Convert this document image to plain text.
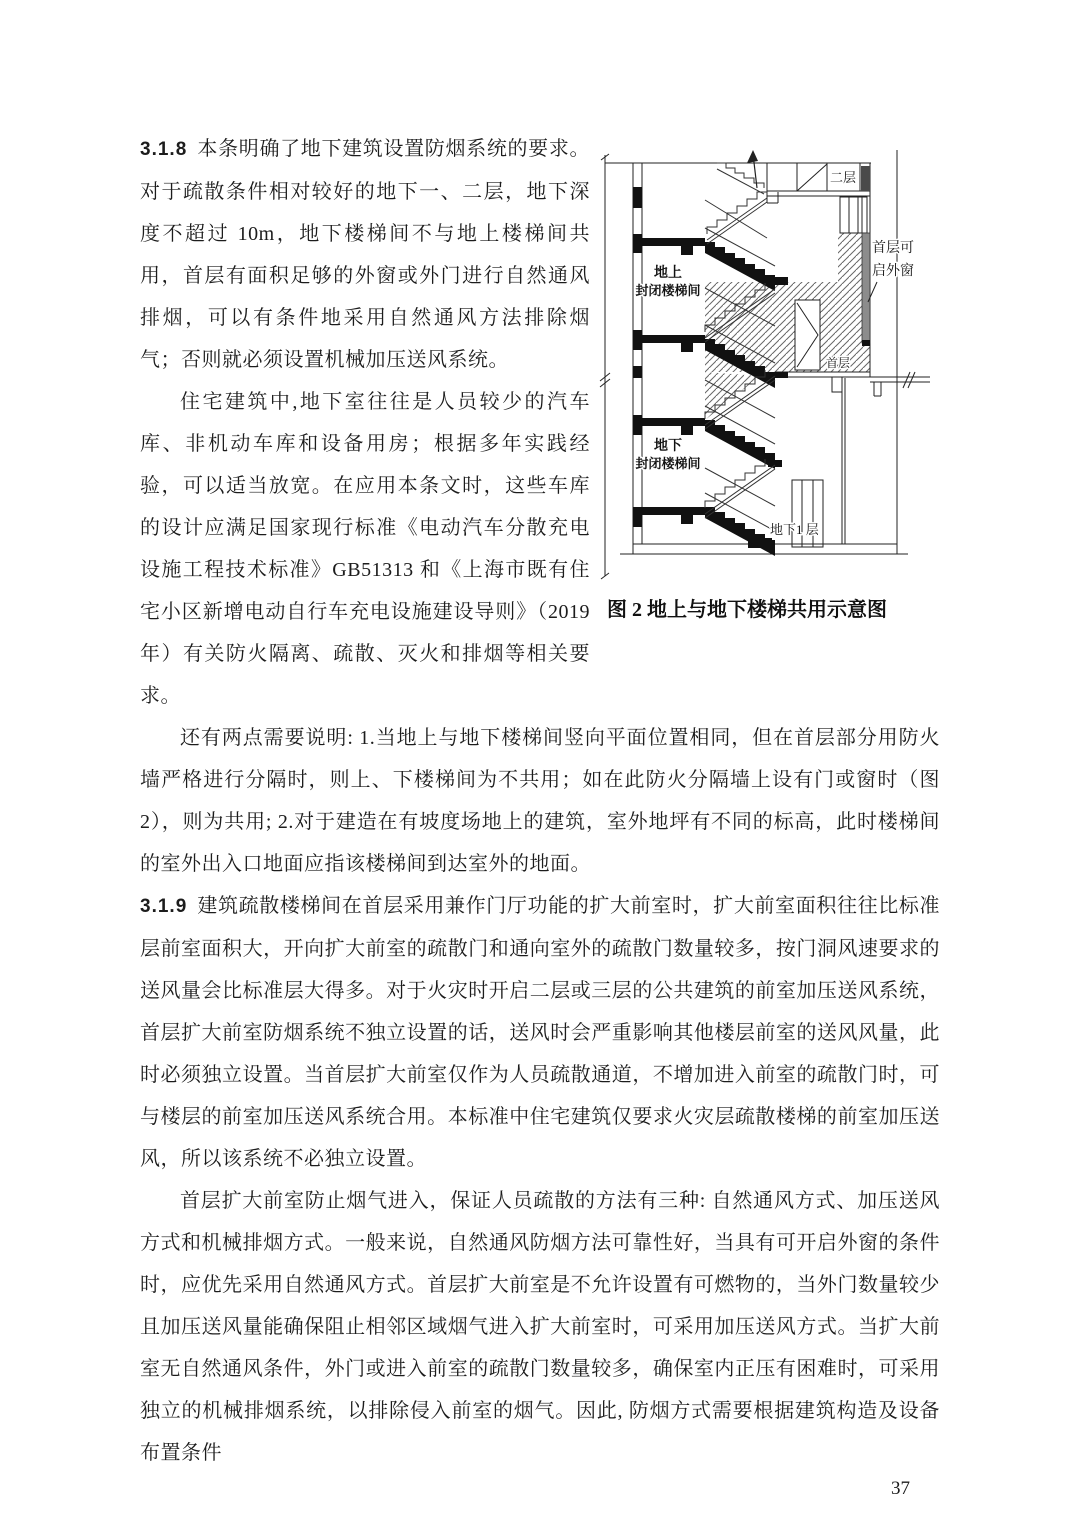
二层
首层可
启外窗
地上
封闭楼梯间
首层
地下
封闭楼梯间
地下1 层
图 2 地上与地下楼梯共用示意图

3.1.8 本条明确了地下建筑设置防烟系统的要求。对于疏散条件相对较好的地下一、二层，地下深度不超过 10m，地下楼梯间不与地上楼梯间共用，首层有面积足够的外窗或外门进行自然通风排烟，可以有条件地采用自然通风方法排除烟气；否则就必须设置机械加压送风系统。

住宅建筑中,地下室往往是人员较少的汽车库、非机动车库和设备用房；根据多年实践经验，可以适当放宽。在应用本条文时，这些车库的设计应满足国家现行标准《电动汽车分散充电设施工程技术标准》GB51313 和《上海市既有住宅小区新增电动自行车充电设施建设导则》（2019 年）有关防火隔离、疏散、灭火和排烟等相关要求。

还有两点需要说明: 1.当地上与地下楼梯间竖向平面位置相同，但在首层部分用防火墙严格进行分隔时，则上、下楼梯间为不共用；如在此防火分隔墙上设有门或窗时（图 2），则为共用; 2.对于建造在有坡度场地上的建筑，室外地坪有不同的标高，此时楼梯间的室外出入口地面应指该楼梯间到达室外的地面。

3.1.9 建筑疏散楼梯间在首层采用兼作门厅功能的扩大前室时，扩大前室面积往往比标准层前室面积大，开向扩大前室的疏散门和通向室外的疏散门数量较多，按门洞风速要求的送风量会比标准层大得多。对于火灾时开启二层或三层的公共建筑的前室加压送风系统，首层扩大前室防烟系统不独立设置的话，送风时会严重影响其他楼层前室的送风风量，此时必须独立设置。当首层扩大前室仅作为人员疏散通道，不增加进入前室的疏散门时，可与楼层的前室加压送风系统合用。本标准中住宅建筑仅要求火灾层疏散楼梯的前室加压送风，所以该系统不必独立设置。

首层扩大前室防止烟气进入，保证人员疏散的方法有三种: 自然通风方式、加压送风方式和机械排烟方式。一般来说，自然通风防烟方法可靠性好，当具有可开启外窗的条件时，应优先采用自然通风方式。首层扩大前室是不允许设置有可燃物的，当外门数量较少且加压送风量能确保阻止相邻区域烟气进入扩大前室时，可采用加压送风方式。当扩大前室无自然通风条件，外门或进入前室的疏散门数量较多，确保室内正压有困难时，可采用独立的机械排烟系统，以排除侵入前室的烟气。因此, 防烟方式需要根据建筑构造及设备布置条件

37
